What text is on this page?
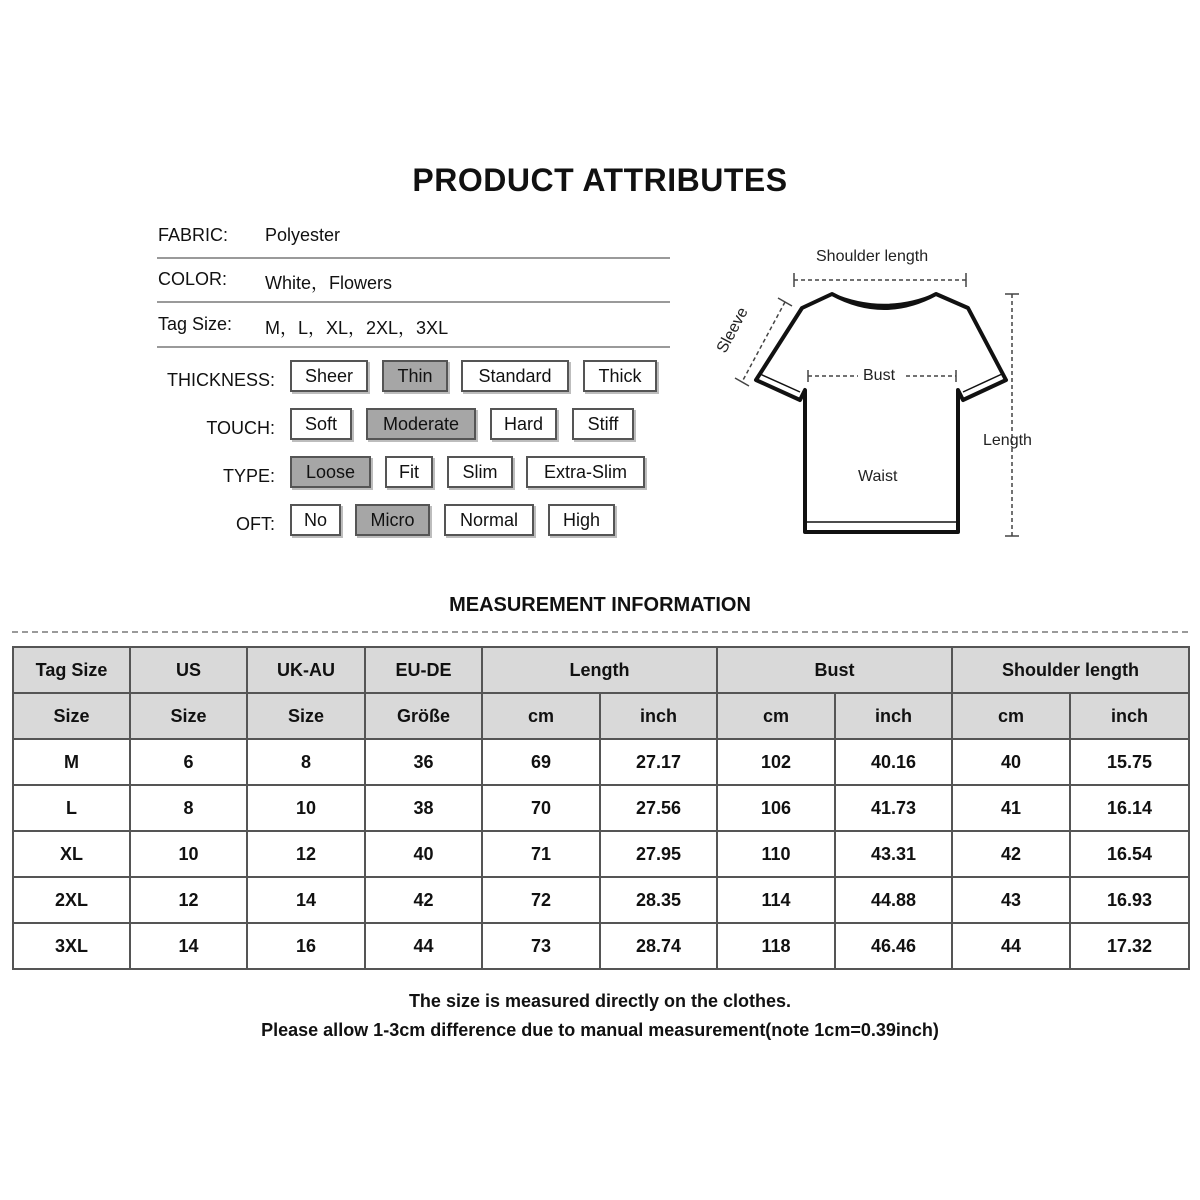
PRODUCT ATTRIBUTES
FABRIC: Polyester
COLOR: White，Flowers
Tag Size: M，L，XL，2XL，3XL
THICKNESS:	Sheer	Thin	Standard	Thick
TOUCH:	Soft	Moderate	Hard	Stiff
TYPE:	Loose	Fit	Slim	Extra-Slim
OFT:	No	Micro	Normal	High
Shoulder length
Sleeve
Bust
Length
Waist
MEASUREMENT INFORMATION
Tag Size	US	UK-AU	EU-DE	Length		Bust		Shoulder length	
Size	Size	Size	Größe	cm	inch	cm	inch	cm	inch
M	6	8	36	69	27.17	102	40.16	40	15.75
L	8	10	38	70	27.56	106	41.73	41	16.14
XL	10	12	40	71	27.95	110	43.31	42	16.54
2XL	12	14	42	72	28.35	114	44.88	43	16.93
3XL	14	16	44	73	28.74	118	46.46	44	17.32
The size is measured directly on the clothes.
Please allow 1-3cm difference due to manual measurement(note 1cm=0.39inch)
